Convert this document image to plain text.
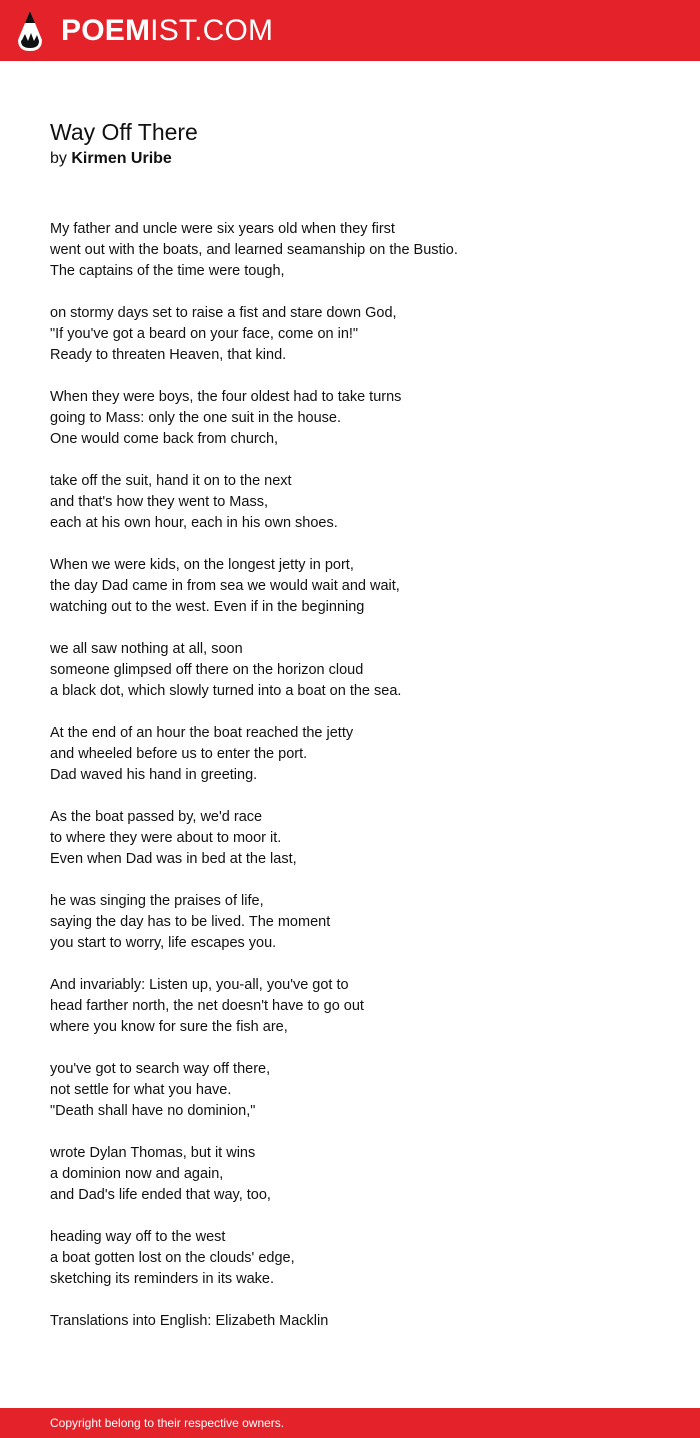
POEM IST.COM
Way Off There
by Kirmen Uribe

My father and uncle were six years old when they first

went out with the boats, and learned seamanship on the Bustio.

The captains of the time were tough,

on stormy days set to raise a fist and stare down God,

"If you've got a beard on your face, come on in!"

Ready to threaten Heaven, that kind.

When they were boys, the four oldest had to take turns

going to Mass: only the one suit in the house.

One would come back from church,

take off the suit, hand it on to the next

and that's how they went to Mass,

each at his own hour, each in his own shoes.

When we were kids, on the longest jetty in port,

the day Dad came in from sea we would wait and wait,

watching out to the west. Even if in the beginning

we all saw nothing at all, soon

someone glimpsed off there on the horizon cloud

a black dot, which slowly turned into a boat on the sea.

At the end of an hour the boat reached the jetty

and wheeled before us to enter the port.

Dad waved his hand in greeting.

As the boat passed by, we'd race

to where they were about to moor it.

Even when Dad was in bed at the last,

he was singing the praises of life,

saying the day has to be lived. The moment

you start to worry, life escapes you.

And invariably: Listen up, you-all, you've got to

head farther north, the net doesn't have to go out

where you know for sure the fish are,

you've got to search way off there,

not settle for what you have.

"Death shall have no dominion,"

wrote Dylan Thomas, but it wins

a dominion now and again,

and Dad's life ended that way, too,

heading way off to the west

a boat gotten lost on the clouds' edge,

sketching its reminders in its wake.

Translations into English: Elizabeth Macklin

Copyright belong to their respective owners.
